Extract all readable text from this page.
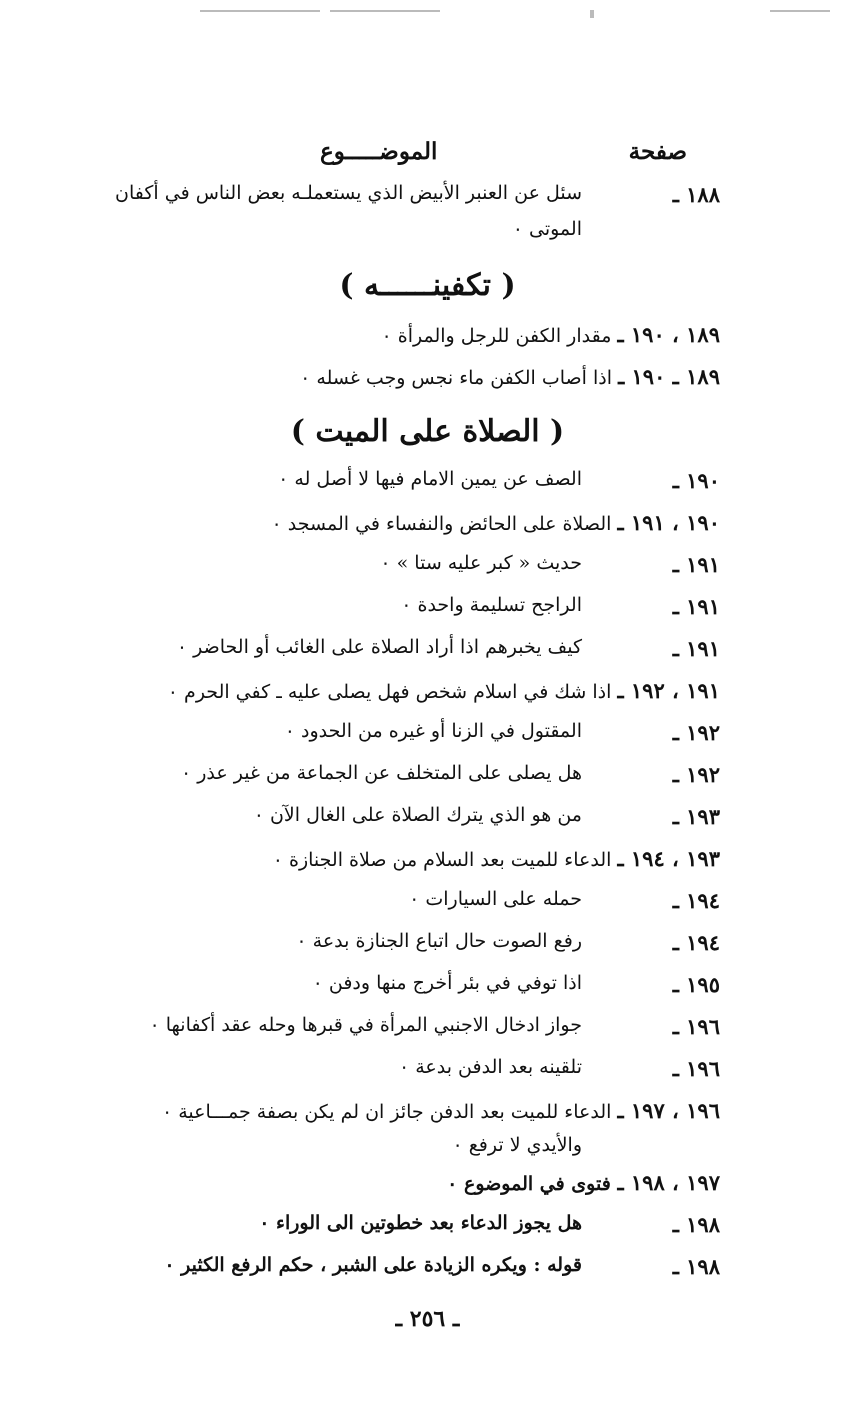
صفحة
الموضـــــوع
۱۸۸ ـ
سئل عن العنبر الأبيض الذي يستعملـه بعض الناس في أكفان
الموتى ۰
( تكفينــــــه )
۱۸۹ ، ۱۹۰ ـ مقدار الكفن للرجل والمرأة ۰
۱۸۹ ـ ۱۹۰ ـ اذا أصاب الكفن ماء نجس وجب غسله ۰
( الصلاة على الميت )
۱۹۰ ـ
الصف عن يمين الامام فيها لا أصل له ۰
۱۹۰ ، ۱۹۱ ـ الصلاة على الحائض والنفساء في المسجد ۰
۱۹۱ ـ
حديث « كبر عليه ستا » ۰
۱۹۱ ـ
الراجح تسليمة واحدة ۰
۱۹۱ ـ
كيف يخبرهم اذا أراد الصلاة على الغائب أو الحاضر ۰
۱۹۱ ، ۱۹۲ ـ اذا شك في اسلام شخص فهل يصلى عليه ـ كفي الحرم ۰
۱۹۲ ـ
المقتول في الزنا أو غيره من الحدود ۰
۱۹۲ ـ
هل يصلى على المتخلف عن الجماعة من غير عذر ۰
۱۹۳ ـ
من هو الذي يترك الصلاة على الغال الآن ۰
۱۹۳ ، ۱۹٤ ـ الدعاء للميت بعد السلام من صلاة الجنازة ۰
۱۹٤ ـ
حمله على السيارات ۰
۱۹٤ ـ
رفع الصوت حال اتباع الجنازة بدعة ۰
۱۹٥ ـ
اذا توفي في بئر أخرج منها ودفن ۰
۱۹٦ ـ
جواز ادخال الاجنبي المرأة في قبرها وحله عقد أكفانها ۰
۱۹٦ ـ
تلقينه بعد الدفن بدعة ۰
۱۹٦ ، ۱۹۷ ـ الدعاء للميت بعد الدفن جائز ان لم يكن بصفة جمـــاعية ۰
والأيدي لا ترفع ۰
۱۹۷ ، ۱۹۸ ـ فتوى في الموضوع ۰
۱۹۸ ـ
هل يجوز الدعاء بعد خطوتين الى الوراء ۰
۱۹۸ ـ
قوله : ويكره الزيادة على الشبر ، حكم الرفع الكثير ۰
ـ ۲٥٦ ـ
